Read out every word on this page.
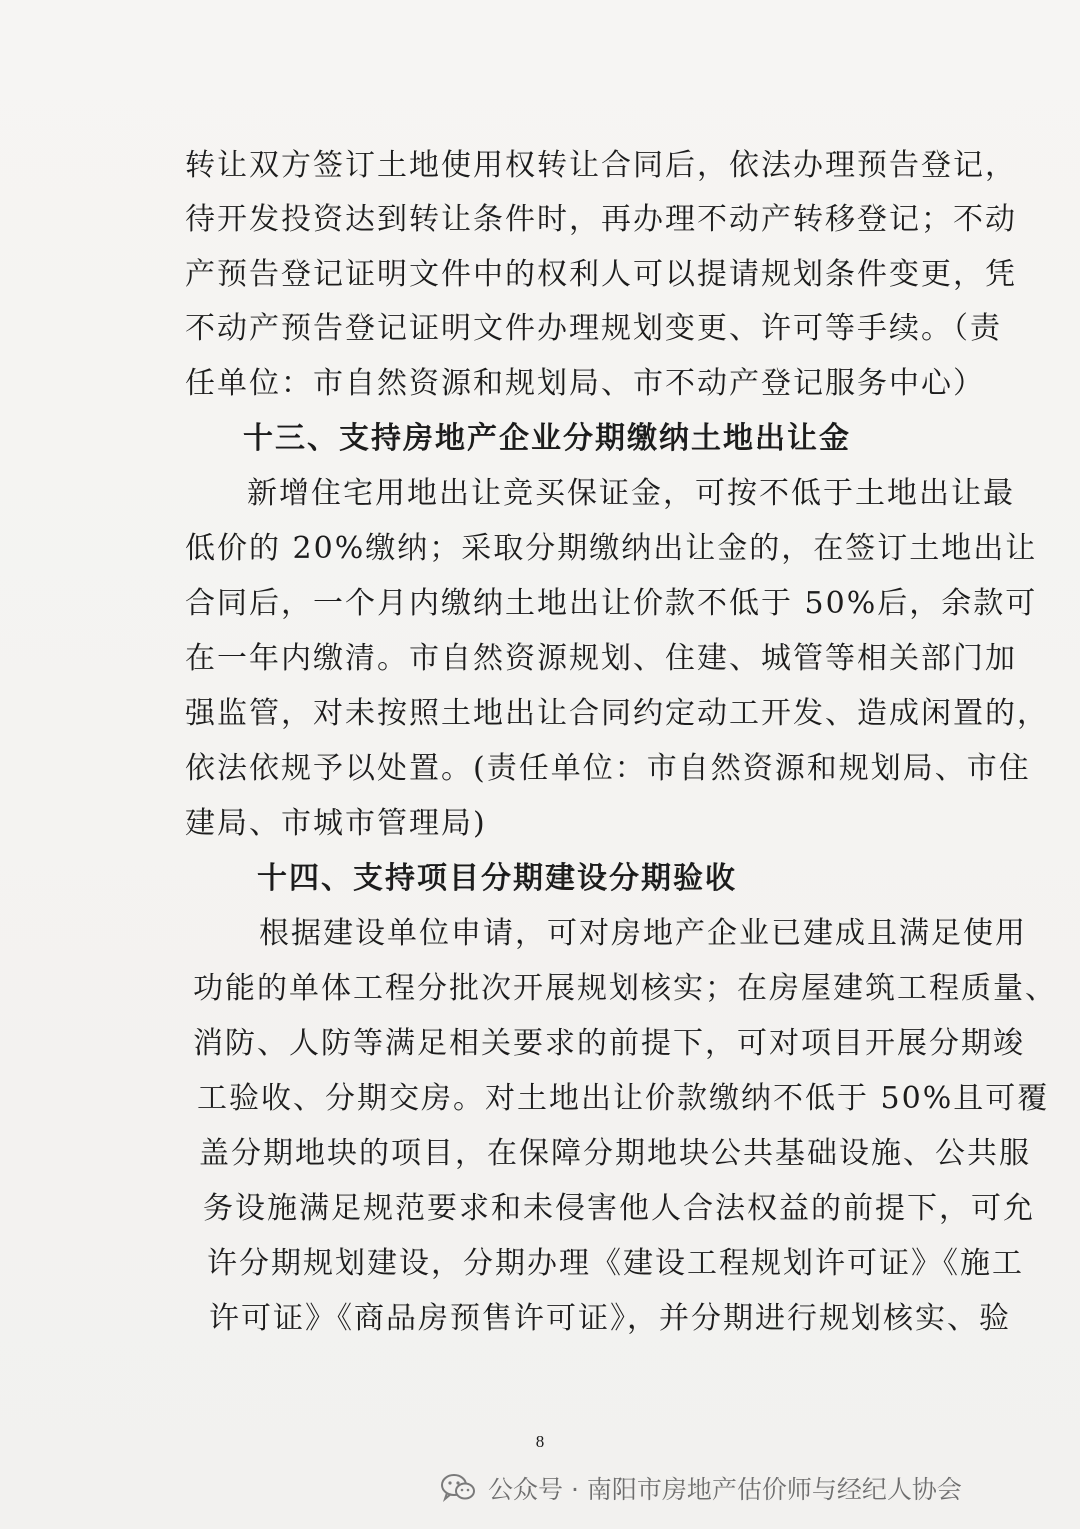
转让双方签订土地使用权转让合同后，依法办理预告登记，
待开发投资达到转让条件时，再办理不动产转移登记；不动
产预告登记证明文件中的权利人可以提请规划条件变更，凭
不动产预告登记证明文件办理规划变更、许可等手续。（责
任单位：市自然资源和规划局、市不动产登记服务中心）
十三、支持房地产企业分期缴纳土地出让金
新增住宅用地出让竞买保证金，可按不低于土地出让最
低价的 20%缴纳；采取分期缴纳出让金的，在签订土地出让
合同后，一个月内缴纳土地出让价款不低于 50%后，余款可
在一年内缴清。市自然资源规划、住建、城管等相关部门加
强监管，对未按照土地出让合同约定动工开发、造成闲置的，
依法依规予以处置。(责任单位：市自然资源和规划局、市住
建局、市城市管理局)
十四、支持项目分期建设分期验收
根据建设单位申请，可对房地产企业已建成且满足使用
功能的单体工程分批次开展规划核实；在房屋建筑工程质量、
消防、人防等满足相关要求的前提下，可对项目开展分期竣
工验收、分期交房。对土地出让价款缴纳不低于 50%且可覆
盖分期地块的项目，在保障分期地块公共基础设施、公共服
务设施满足规范要求和未侵害他人合法权益的前提下，可允
许分期规划建设，分期办理《建设工程规划许可证》《施工
许可证》《商品房预售许可证》，并分期进行规划核实、验
8
公众号 · 南阳市房地产估价师与经纪人协会
